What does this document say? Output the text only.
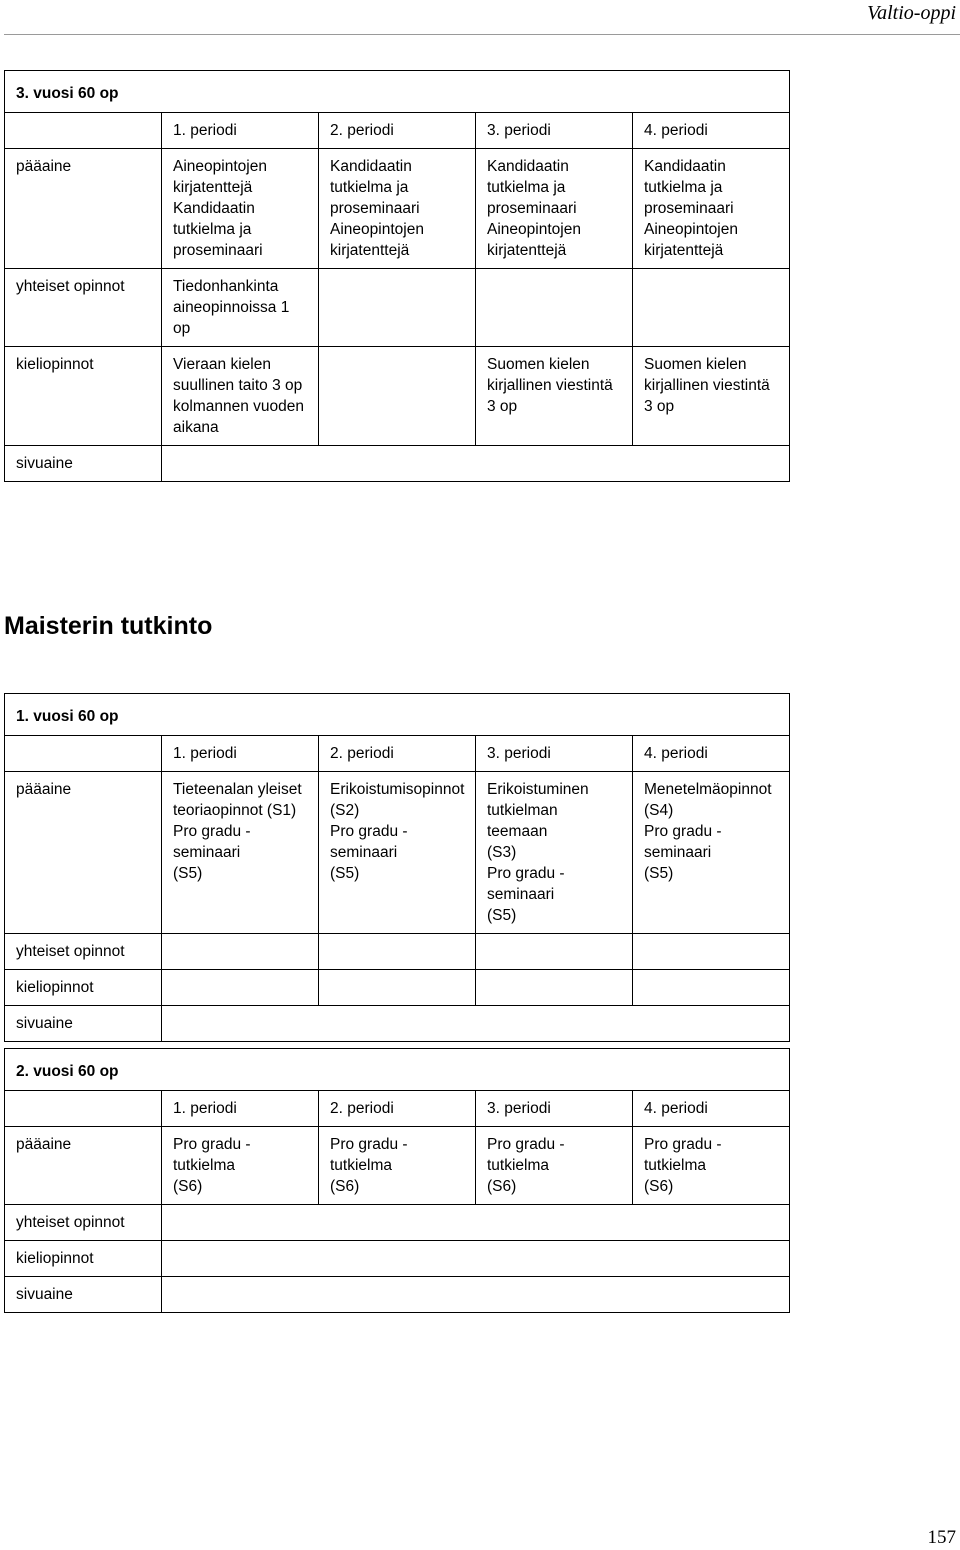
Valtio-oppi
3. vuosi 60 op				
	1. periodi	2. periodi	3. periodi	4. periodi
pääaine	Aineopintojen
kirjatenttejä
Kandidaatin
tutkielma ja
proseminaari	Kandidaatin
tutkielma ja
proseminaari
Aineopintojen
kirjatenttejä	Kandidaatin
tutkielma ja
proseminaari
Aineopintojen
kirjatenttejä	Kandidaatin
tutkielma ja
proseminaari
Aineopintojen
kirjatenttejä
yhteiset opinnot	Tiedonhankinta
aineopinnoissa 1 op			
kieliopinnot	Vieraan kielen
suullinen taito 3 op
kolmannen vuoden
aikana		Suomen kielen
kirjallinen viestintä
3 op	Suomen kielen
kirjallinen viestintä
3 op
sivuaine				
Maisterin tutkinto
1. vuosi 60 op				
	1. periodi	2. periodi	3. periodi	4. periodi
pääaine	Tieteenalan yleiset
teoriaopinnot (S1)
Pro gradu -seminaari
(S5)	Erikoistumisopinnot
(S2)
Pro gradu -seminaari
(S5)	Erikoistuminen
tutkielman teemaan
(S3)
Pro gradu -seminaari
(S5)	Menetelmäopinnot
(S4)
Pro gradu -seminaari
(S5)
yhteiset opinnot				
kieliopinnot				
sivuaine				
2. vuosi 60 op				
	1. periodi	2. periodi	3. periodi	4. periodi
pääaine	Pro gradu -tutkielma
(S6)	Pro gradu -tutkielma
(S6)	Pro gradu -tutkielma
(S6)	Pro gradu -tutkielma
(S6)
yhteiset opinnot				
kieliopinnot				
sivuaine				
157
